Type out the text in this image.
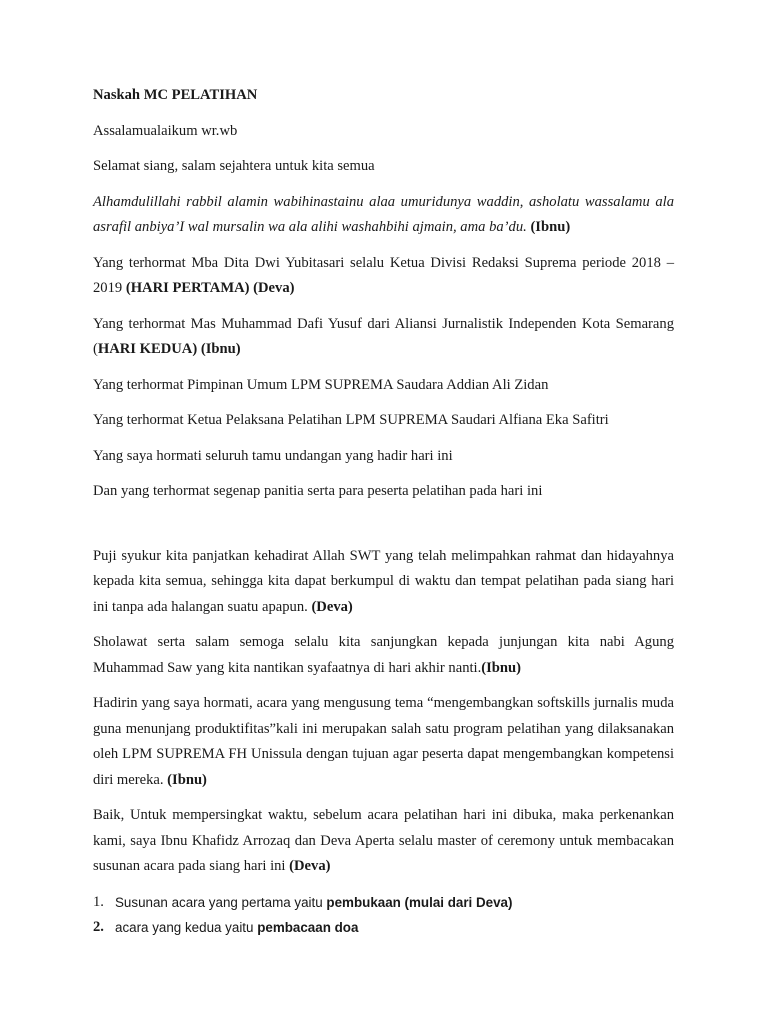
Naskah MC PELATIHAN

Assalamualaikum wr.wb

Selamat siang, salam sejahtera untuk kita semua

Alhamdulillahi rabbil alamin wabihinastainu alaa umuridunya waddin, asholatu wassalamu ala asrafil anbiya’I wal mursalin wa ala alihi washahbihi ajmain, ama ba’du. (Ibnu)

Yang terhormat Mba Dita Dwi Yubitasari selalu Ketua Divisi Redaksi Suprema periode 2018 – 2019 (HARI PERTAMA) (Deva)

Yang terhormat Mas Muhammad Dafi Yusuf dari Aliansi Jurnalistik Independen Kota Semarang (HARI KEDUA) (Ibnu)

Yang terhormat Pimpinan Umum LPM SUPREMA Saudara Addian Ali Zidan

Yang terhormat Ketua Pelaksana Pelatihan LPM SUPREMA Saudari Alfiana Eka Safitri

Yang saya hormati seluruh tamu undangan yang hadir hari ini

Dan yang terhormat segenap panitia serta para peserta pelatihan pada hari ini

Puji syukur kita panjatkan kehadirat Allah SWT yang telah melimpahkan rahmat dan hidayahnya kepada kita semua, sehingga kita dapat berkumpul di waktu dan tempat pelatihan pada siang hari ini tanpa ada halangan suatu apapun. (Deva)

Sholawat serta salam semoga selalu kita sanjungkan kepada junjungan kita nabi Agung Muhammad Saw yang kita nantikan syafaatnya di hari akhir nanti.(Ibnu)

Hadirin yang saya hormati, acara yang mengusung tema “mengembangkan softskills jurnalis muda guna menunjang produktifitas”kali ini merupakan salah satu program pelatihan yang dilaksanakan oleh LPM SUPREMA FH Unissula dengan tujuan agar peserta dapat mengembangkan kompetensi diri mereka. (Ibnu)

Baik, Untuk mempersingkat waktu, sebelum acara pelatihan hari ini dibuka, maka perkenankan kami, saya Ibnu Khafidz Arrozaq dan Deva Aperta selalu master of ceremony untuk membacakan susunan acara pada siang hari ini (Deva)

1. Susunan acara yang pertama yaitu pembukaan (mulai dari Deva)
2. acara yang kedua yaitu pembacaan doa
